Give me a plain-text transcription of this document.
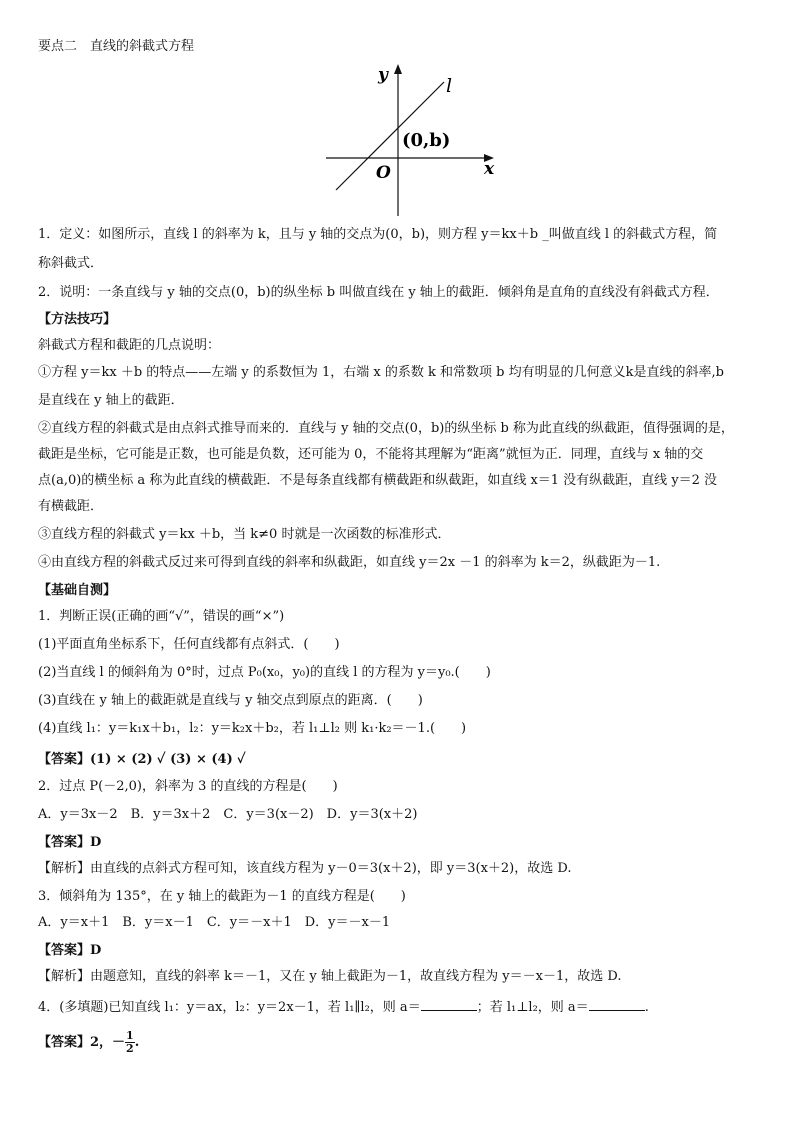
要点二　直线的斜截式方程
y
x
l
(0,b)
O
1．定义：如图所示，直线 l 的斜率为 k，且与 y 轴的交点为(0，b)，则方程 y＝kx＋b _叫做直线 l 的斜截式方程，简
称斜截式．
2．说明：一条直线与 y 轴的交点(0，b)的纵坐标 b 叫做直线在 y 轴上的截距．倾斜角是直角的直线没有斜截式方程．
【方法技巧】
斜截式方程和截距的几点说明：
①方程 y＝kx ＋b 的特点——左端 y 的系数恒为 1，右端 x 的系数 k 和常数项 b 均有明显的几何意义k是直线的斜率,b
是直线在 y 轴上的截距．
②直线方程的斜截式是由点斜式推导而来的．直线与 y 轴的交点(0，b)的纵坐标 b 称为此直线的纵截距，值得强调的是，
截距是坐标，它可能是正数，也可能是负数，还可能为 0，不能将其理解为“距离”就恒为正．同理，直线与 x 轴的交
点(a,0)的横坐标 a 称为此直线的横截距．不是每条直线都有横截距和纵截距，如直线 x＝1 没有纵截距，直线 y＝2 没
有横截距．
③直线方程的斜截式 y＝kx ＋b，当 k≠0 时就是一次函数的标准形式．
④由直线方程的斜截式反过来可得到直线的斜率和纵截距，如直线 y＝2x －1 的斜率为 k＝2，纵截距为－1.
【基础自测】
1．判断正误(正确的画“√”，错误的画“×”)
(1)平面直角坐标系下，任何直线都有点斜式．(　　)
(2)当直线 l 的倾斜角为 0°时，过点 P₀(x₀，y₀)的直线 l 的方程为 y＝y₀.(　　)
(3)直线在 y 轴上的截距就是直线与 y 轴交点到原点的距离．(　　)
(4)直线 l₁：y＝k₁x＋b₁，l₂：y＝k₂x＋b₂，若 l₁⊥l₂ 则 k₁·k₂＝－1.(　　)
【答案】(1) × (2) ✓ (3) × (4) ✓
2．过点 P(－2,0)，斜率为 3 的直线的方程是(　　)
A．y＝3x－2　B．y＝3x＋2　C．y＝3(x－2)　D．y＝3(x＋2)
【答案】D
【解析】由直线的点斜式方程可知，该直线方程为 y－0＝3(x＋2)，即 y＝3(x＋2)，故选 D.
3．倾斜角为 135°，在 y 轴上的截距为－1 的直线方程是(　　)
A．y＝x＋1　B．y＝x－1　C．y＝－x＋1　D．y＝－x－1
【答案】D
【解析】由题意知，直线的斜率 k＝－1，又在 y 轴上截距为－1，故直线方程为 y＝－x－1，故选 D.
4．(多填题)已知直线 l₁：y＝ax，l₂：y＝2x－1，若 l₁∥l₂，则 a＝	；若 l₁⊥l₂，则 a＝	.
【答案】2，－ $\frac{1}{2}$ .
